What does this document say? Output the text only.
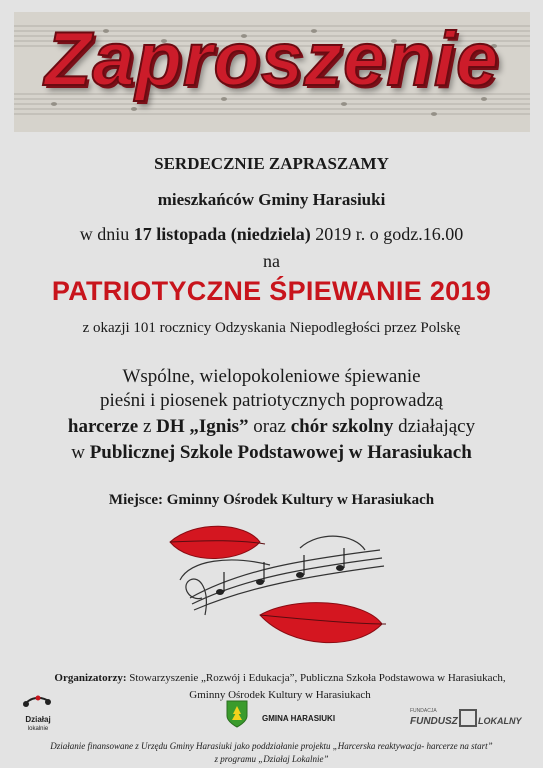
Zaproszenie
SERDECZNIE ZAPRASZAMY
mieszkańców Gminy Harasiuki
w dniu 17 listopada (niedziela) 2019 r. o godz.16.00
na
PATRIOTYCZNE ŚPIEWANIE 2019
z okazji 101 rocznicy Odzyskania Niepodległości przez Polskę
Wspólne, wielopokoleniowe śpiewanie
pieśni i piosenek patriotycznych poprowadzą
harcerze z DH „Ignis” oraz chór szkolny działający
w Publicznej Szkole Podstawowej w Harasiukach
Miejsce: Gminny Ośrodek Kultury w Harasiukach
Organizatorzy: Stowarzyszenie „Rozwój i Edukacja”, Publiczna Szkoła Podstawowa w Harasiukach,
Gminny Ośrodek Kultury w Harasiukach
Działaj
lokalnie
GMINA HARASIUKI
FUNDACJA
FUNDUSZ LOKALNY
Działanie finansowane z Urzędu Gminy Harasiuki jako poddziałanie projektu „Harcerska reaktywacja- harcerze na start”
z programu „Działaj Lokalnie”
